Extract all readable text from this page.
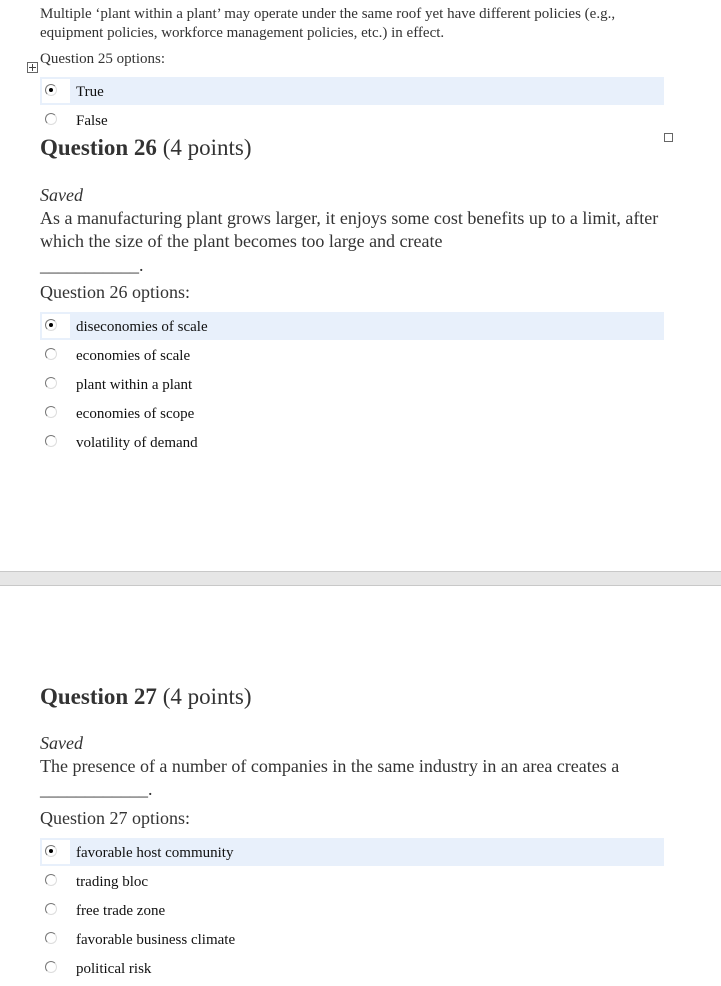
Multiple ‘plant within a plant’ may operate under the same roof yet have different policies (e.g., equipment policies, workforce management policies, etc.) in effect.
Question 25 options:
True
False
Question 26 (4 points)
Saved
As a manufacturing plant grows larger, it enjoys some cost benefits up to a limit, after which the size of the plant becomes too large and create
___________.
Question 26 options:
diseconomies of scale
economies of scale
plant within a plant
economies of scope
volatility of demand
Question 27 (4 points)
Saved
The presence of a number of companies in the same industry in an area creates a ____________.
Question 27 options:
favorable host community
trading bloc
free trade zone
favorable business climate
political risk
